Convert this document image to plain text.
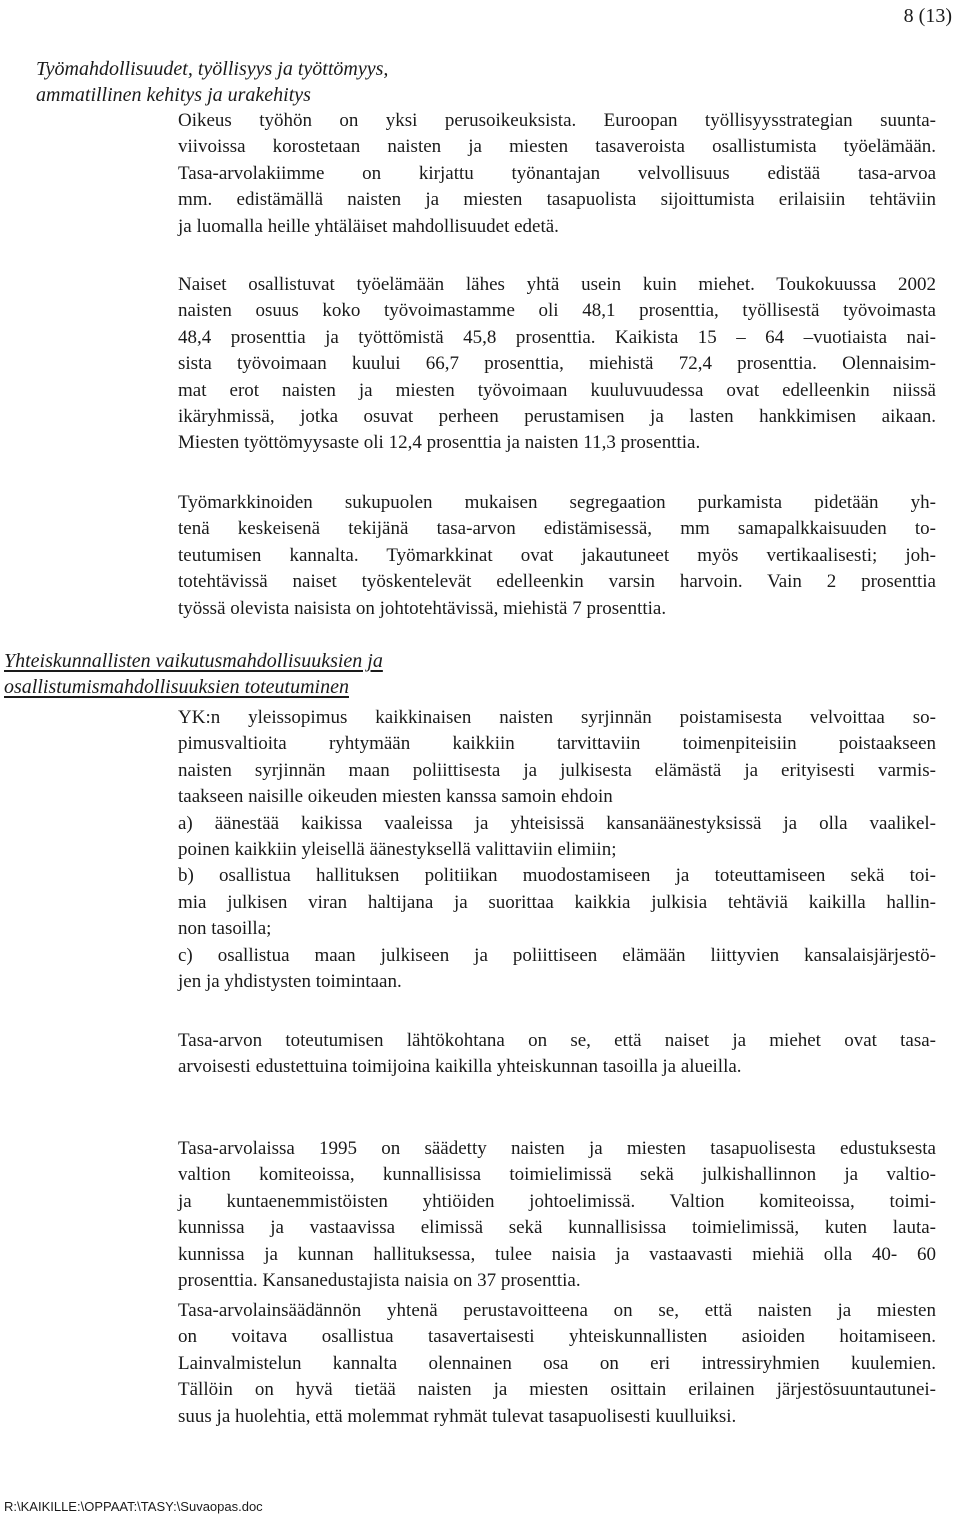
8 (13)
Työmahdollisuudet, työllisyys ja työttömyys,
ammatillinen kehitys ja urakehitys

Oikeus työhön on yksi perusoikeuksista. Euroopan työllisyysstrategian suunta-
viivoissa korostetaan naisten ja miesten tasaveroista osallistumista työelämään.
Tasa-arvolakiimme on kirjattu työnantajan velvollisuus edistää tasa-arvoa
mm. edistämällä naisten ja miesten tasapuolista sijoittumista erilaisiin tehtäviin
ja luomalla heille yhtäläiset mahdollisuudet edetä.

Naiset osallistuvat työelämään lähes yhtä usein kuin miehet. Toukokuussa 2002
naisten osuus koko työvoimastamme oli 48,1 prosenttia, työllisestä työvoimasta
48,4 prosenttia ja työttömistä 45,8 prosenttia. Kaikista 15 – 64 –vuotiaista nai-
sista työvoimaan kuului 66,7 prosenttia, miehistä 72,4 prosenttia. Olennaisim-
mat erot naisten ja miesten työvoimaan kuuluvuudessa ovat edelleenkin niissä
ikäryhmissä, jotka osuvat perheen perustamisen ja lasten hankkimisen aikaan.
Miesten työttömyysaste oli 12,4 prosenttia ja naisten 11,3 prosenttia.

Työmarkkinoiden sukupuolen mukaisen segregaation purkamista pidetään yh-
tenä keskeisenä tekijänä tasa-arvon edistämisessä, mm samapalkkaisuuden to-
teutumisen kannalta. Työmarkkinat ovat jakautuneet myös vertikaalisesti; joh-
totehtävissä naiset työskentelevät edelleenkin varsin harvoin. Vain 2 prosenttia
työssä olevista naisista on johtotehtävissä, miehistä 7 prosenttia.

Yhteiskunnallisten vaikutusmahdollisuuksien ja
osallistumismahdollisuuksien toteutuminen

YK:n yleissopimus kaikkinaisen naisten syrjinnän poistamisesta velvoittaa so-
pimusvaltioita ryhtymään kaikkiin tarvittaviin toimenpiteisiin poistaakseen
naisten syrjinnän maan poliittisesta ja julkisesta elämästä ja erityisesti varmis-
taakseen naisille oikeuden miesten kanssa samoin ehdoin
a) äänestää kaikissa vaaleissa ja yhteisissä kansanäänestyksissä ja olla vaalikel-
poinen kaikkiin yleisellä äänestyksellä valittaviin elimiin;
b) osallistua hallituksen politiikan muodostamiseen ja toteuttamiseen sekä toi-
mia julkisen viran haltijana ja suorittaa kaikkia julkisia tehtäviä kaikilla hallin-
non tasoilla;
c) osallistua maan julkiseen ja poliittiseen elämään liittyvien kansalaisjärjestö-
jen ja yhdistysten toimintaan.

Tasa-arvon toteutumisen lähtökohtana on se, että naiset ja miehet ovat tasa-
arvoisesti edustettuina toimijoina kaikilla yhteiskunnan tasoilla ja alueilla.

Tasa-arvolaissa 1995 on säädetty naisten ja miesten tasapuolisesta edustuksesta
valtion komiteoissa, kunnallisissa toimielimissä sekä julkishallinnon ja valtio-
ja kuntaenemmistöisten yhtiöiden johtoelimissä. Valtion komiteoissa, toimi-
kunnissa ja vastaavissa elimissä sekä kunnallisissa toimielimissä, kuten lauta-
kunnissa ja kunnan hallituksessa, tulee naisia ja vastaavasti miehiä olla 40- 60
prosenttia. Kansanedustajista naisia on 37 prosenttia.

Tasa-arvolainsäädännön yhtenä perustavoitteena on se, että naisten ja miesten
on voitava osallistua tasavertaisesti yhteiskunnallisten asioiden hoitamiseen.
Lainvalmistelun kannalta olennainen osa on eri intressiryhmien kuulemien.
Tällöin on hyvä tietää naisten ja miesten osittain erilainen järjestösuuntautunei-
suus ja huolehtia, että molemmat ryhmät tulevat tasapuolisesti kuulluiksi.

R:\KAIKILLE:\OPPAAT:\TASY:\Suvaopas.doc
